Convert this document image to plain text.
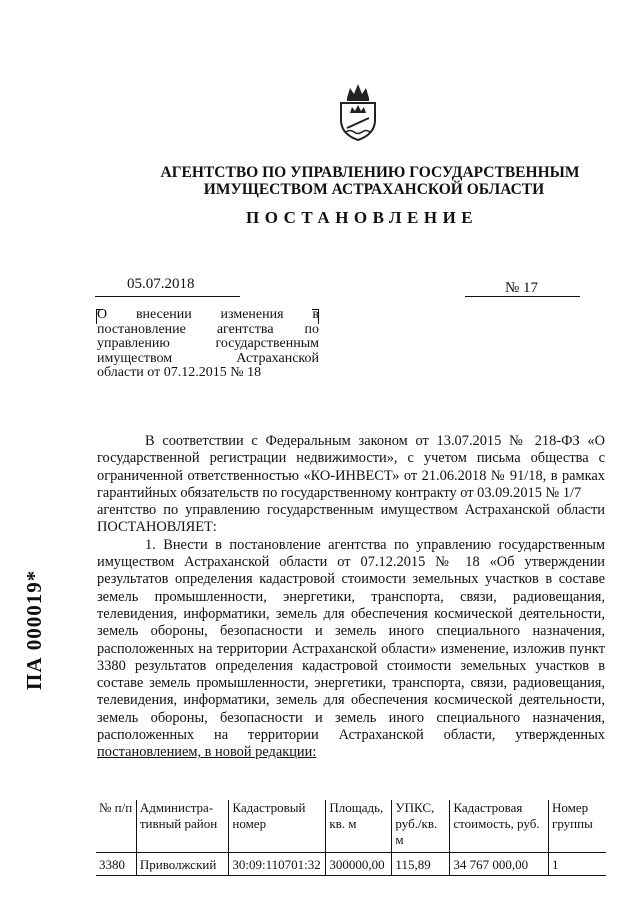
АГЕНТСТВО ПО УПРАВЛЕНИЮ ГОСУДАРСТВЕННЫМ
ИМУЩЕСТВОМ АСТРАХАНСКОЙ ОБЛАСТИ
ПОСТАНОВЛЕНИЕ
05.07.2018	№ 17
О внесении изменения в
постановление агентства по
управлению государственным
имуществом Астраханской
области от 07.12.2015 № 18

В соответствии с Федеральным законом от 13.07.2015 № 218-ФЗ «О государственной регистрации недвижимости», с учетом письма общества с ограниченной ответственностью «КО-ИНВЕСТ» от 21.06.2018 № 91/18, в рамках гарантийных обязательств по государственному контракту от 03.09.2015 № 1/7

агентство по управлению государственным имуществом Астраханской области ПОСТАНОВЛЯЕТ:

1. Внести в постановление агентства по управлению государственным имуществом Астраханской области от 07.12.2015 № 18 «Об утверждении результатов определения кадастровой стоимости земельных участков в составе земель промышленности, энергетики, транспорта, связи, радиовещания, телевидения, информатики, земель для обеспечения космической деятельности, земель обороны, безопасности и земель иного специального назначения, расположенных на территории Астраханской области» изменение, изложив пункт 3380 результатов определения кадастровой стоимости земельных участков в составе земель промышленности, энергетики, транспорта, связи, радиовещания, телевидения, информатики, земель для обеспечения космической деятельности, земель обороны, безопасности и земель иного специального назначения, расположенных на территории Астраханской области, утвержденных постановлением, в новой редакции:

ПА 000019*
№ п/п	Администра-тивный район	Кадастровый номер	Площадь, кв. м	УПКС, руб./кв. м	Кадастровая стоимость, руб.	Номер группы
3380	Приволжский	30:09:110701:32	300000,00	115,89	34 767 000,00	1
